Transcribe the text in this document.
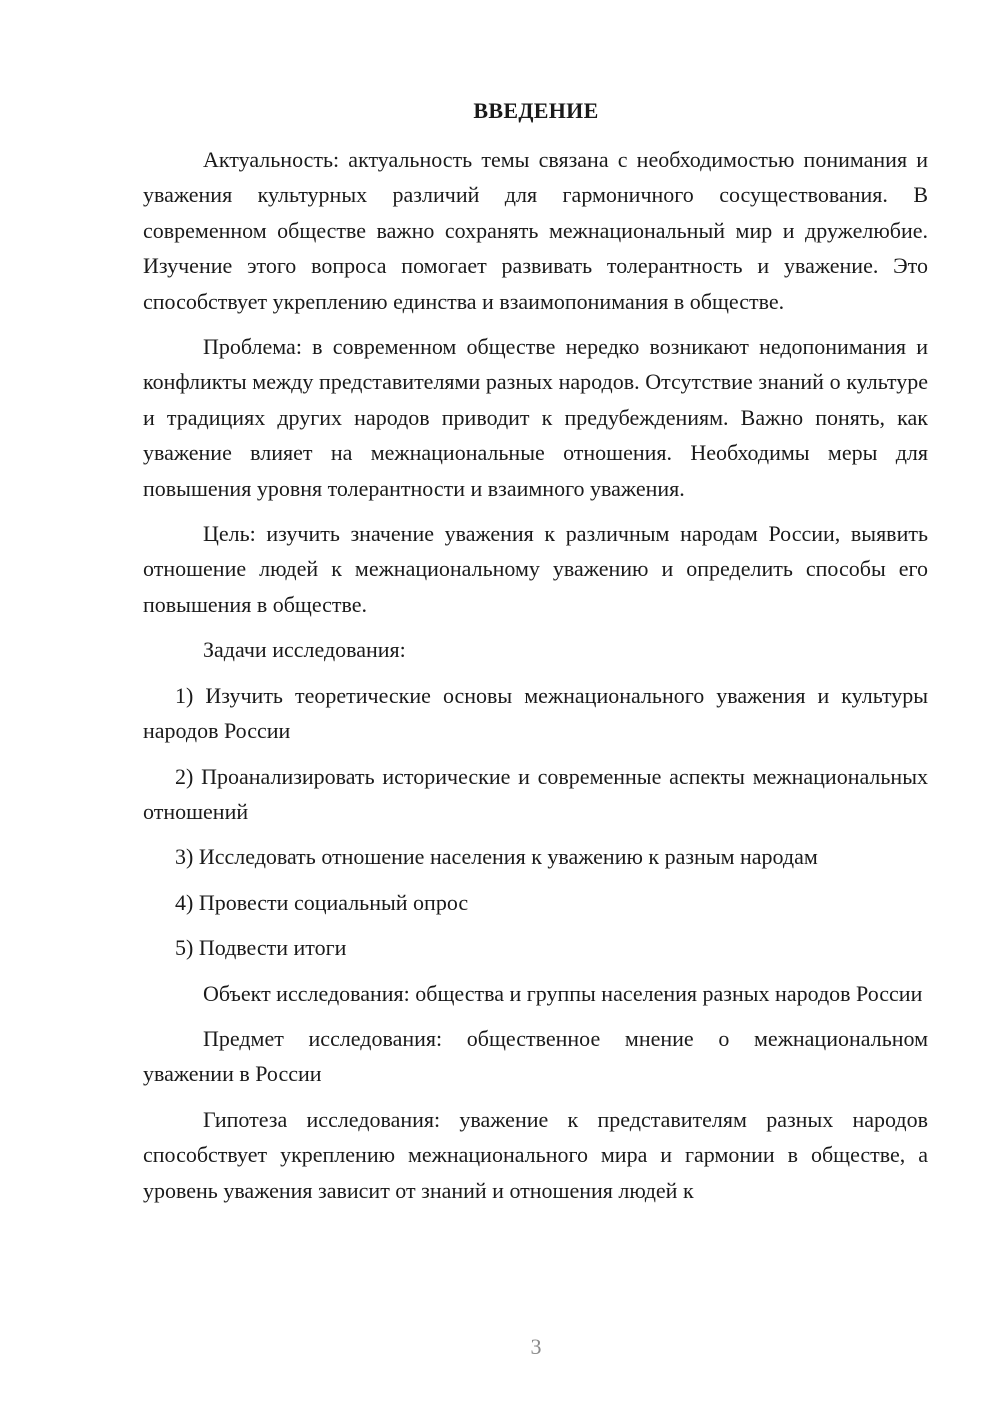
ВВЕДЕНИЕ

Актуальность: актуальность темы связана с необходимостью понимания и уважения культурных различий для гармоничного сосуществования. В современном обществе важно сохранять межнациональный мир и дружелюбие. Изучение этого вопроса помогает развивать толерантность и уважение. Это способствует укреплению единства и взаимопонимания в обществе.

Проблема: в современном обществе нередко возникают недопонимания и конфликты между представителями разных народов. Отсутствие знаний о культуре и традициях других народов приводит к предубеждениям. Важно понять, как уважение влияет на межнациональные отношения. Необходимы меры для повышения уровня толерантности и взаимного уважения.

Цель: изучить значение уважения к различным народам России, выявить отношение людей к межнациональному уважению и определить способы его повышения в обществе.

Задачи исследования:

1) Изучить теоретические основы межнационального уважения и культуры народов России

2) Проанализировать исторические и современные аспекты межнациональных отношений

3) Исследовать отношение населения к уважению к разным народам

4) Провести социальный опрос

5) Подвести итоги

Объект исследования: общества и группы населения разных народов России

Предмет исследования: общественное мнение о межнациональном уважении в России

Гипотеза исследования: уважение к представителям разных народов способствует укреплению межнационального мира и гармонии в обществе, а уровень уважения зависит от знаний и отношения людей к

3
